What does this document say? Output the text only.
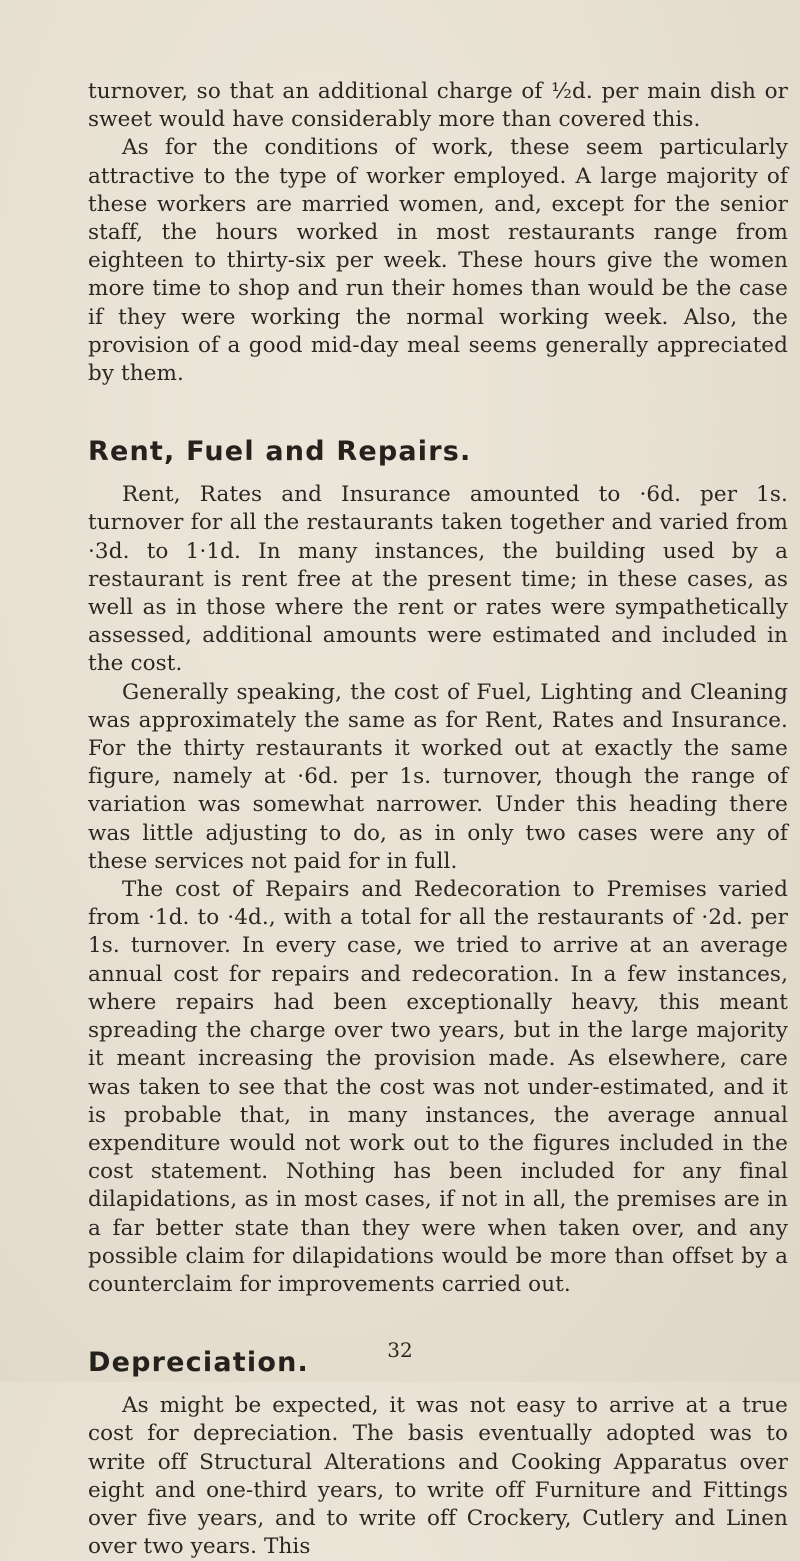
turnover, so that an additional charge of ½d. per main dish or sweet would have considerably more than covered this.

As for the conditions of work, these seem particularly attractive to the type of worker employed. A large majority of these workers are married women, and, except for the senior staff, the hours worked in most restaurants range from eighteen to thirty-six per week. These hours give the women more time to shop and run their homes than would be the case if they were working the normal working week. Also, the provision of a good mid-day meal seems generally appreciated by them.

Rent, Fuel and Repairs.

Rent, Rates and Insurance amounted to ·6d. per 1s. turnover for all the restaurants taken together and varied from ·3d. to 1·1d. In many instances, the building used by a restaurant is rent free at the present time; in these cases, as well as in those where the rent or rates were sympathetically assessed, additional amounts were estimated and included in the cost.

Generally speaking, the cost of Fuel, Lighting and Cleaning was approximately the same as for Rent, Rates and Insurance. For the thirty restaurants it worked out at exactly the same figure, namely at ·6d. per 1s. turnover, though the range of variation was somewhat narrower. Under this heading there was little adjusting to do, as in only two cases were any of these services not paid for in full.

The cost of Repairs and Redecoration to Premises varied from ·1d. to ·4d., with a total for all the restaurants of ·2d. per 1s. turnover. In every case, we tried to arrive at an average annual cost for repairs and redecoration. In a few instances, where repairs had been exceptionally heavy, this meant spreading the charge over two years, but in the large majority it meant increasing the provision made. As elsewhere, care was taken to see that the cost was not under-estimated, and it is probable that, in many instances, the average annual expenditure would not work out to the figures included in the cost statement. Nothing has been included for any final dilapidations, as in most cases, if not in all, the premises are in a far better state than they were when taken over, and any possible claim for dilapidations would be more than offset by a counterclaim for improvements carried out.

Depreciation.

As might be expected, it was not easy to arrive at a true cost for depreciation. The basis eventually adopted was to write off Structural Alterations and Cooking Apparatus over eight and one-third years, to write off Furniture and Fittings over five years, and to write off Crockery, Cutlery and Linen over two years. This

32
